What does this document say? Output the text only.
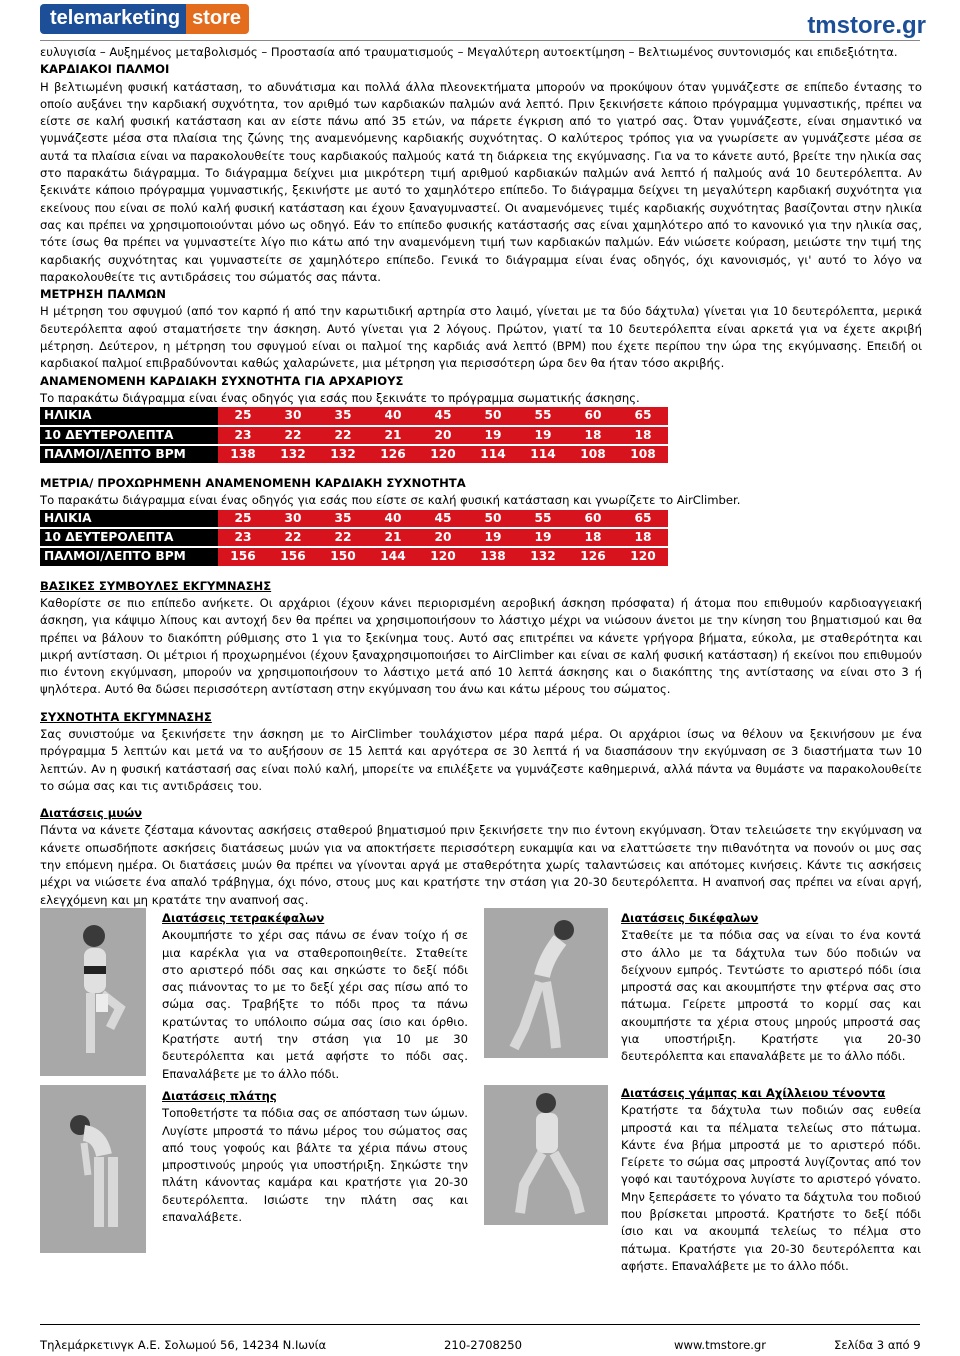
telemarketing store	tmstore.gr

ευλυγισία – Αυξημένος μεταβολισμός – Προστασία από τραυματισμούς – Μεγαλύτερη αυτοεκτίμηση – Βελτιωμένος συντονισμός και επιδεξιότητα.

ΚΑΡΔΙΑΚΟΙ ΠΑΛΜΟΙ

Η βελτιωμένη φυσική κατάσταση, το αδυνάτισμα και πολλά άλλα πλεονεκτήματα μπορούν να προκύψουν όταν γυμνάζεστε σε επίπεδο έντασης το οποίο αυξάνει την καρδιακή συχνότητα, τον αριθμό των καρδιακών παλμών ανά λεπτό. Πριν ξεκινήσετε κάποιο πρόγραμμα γυμναστικής, πρέπει να είστε σε καλή φυσική κατάσταση και αν είστε πάνω από 35 ετών, να πάρετε έγκριση από το γιατρό σας. Όταν γυμνάζεστε, είναι σημαντικό να γυμνάζεστε μέσα στα πλαίσια της ζώνης της αναμενόμενης καρδιακής συχνότητας. Ο καλύτερος τρόπος για να γνωρίσετε αν γυμνάζεστε μέσα σε αυτά τα πλαίσια είναι να παρακολουθείτε τους καρδιακούς παλμούς κατά τη διάρκεια της εκγύμνασης. Για να το κάνετε αυτό, βρείτε την ηλικία σας στο παρακάτω διάγραμμα. Το διάγραμμα δείχνει μια μικρότερη τιμή αριθμού καρδιακών παλμών ανά λεπτό ή παλμούς ανά 10 δευτερόλεπτα. Αν ξεκινάτε κάποιο πρόγραμμα γυμναστικής, ξεκινήστε με αυτό το χαμηλότερο επίπεδο. Το διάγραμμα δείχνει τη μεγαλύτερη καρδιακή συχνότητα για εκείνους που είναι σε πολύ καλή φυσική κατάσταση και έχουν ξαναγυμναστεί. Οι αναμενόμενες τιμές καρδιακής συχνότητας βασίζονται στην ηλικία σας και πρέπει να χρησιμοποιούνται μόνο ως οδηγό. Εάν το επίπεδο φυσικής κατάστασής σας είναι χαμηλότερο από το κανονικό για την ηλικία σας, τότε ίσως θα πρέπει να γυμναστείτε λίγο πιο κάτω από την αναμενόμενη τιμή των καρδιακών παλμών. Εάν νιώσετε κούραση, μειώστε την τιμή της καρδιακής συχνότητας και γυμναστείτε σε χαμηλότερο επίπεδο. Γενικά το διάγραμμα είναι ένας οδηγός, όχι κανονισμός, γι' αυτό το λόγο να παρακολουθείτε τις αντιδράσεις του σώματός σας πάντα.

ΜΕΤΡΗΣΗ ΠΑΛΜΩΝ

Η μέτρηση του σφυγμού (από τον καρπό ή από την καρωτιδική αρτηρία στο λαιμό, γίνεται με τα δύο δάχτυλα) γίνεται για 10 δευτερόλεπτα, μερικά δευτερόλεπτα αφού σταματήσετε την άσκηση. Αυτό γίνεται για 2 λόγους. Πρώτον, γιατί τα 10 δευτερόλεπτα είναι αρκετά για να έχετε ακριβή μέτρηση. Δεύτερον, η μέτρηση του σφυγμού είναι οι παλμοί της καρδιάς ανά λεπτό (BPM) που έχετε περίπου την ώρα της εκγύμνασης. Επειδή οι καρδιακοί παλμοί επιβραδύνονται καθώς χαλαρώνετε, μια μέτρηση για περισσότερη ώρα δεν θα ήταν τόσο ακριβής.

ΑΝΑΜΕΝΟΜΕΝΗ ΚΑΡΔΙΑΚΗ ΣΥΧΝΟΤΗΤΑ ΓΙΑ ΑΡΧΑΡΙΟΥΣ

Το παρακάτω διάγραμμα είναι ένας οδηγός για εσάς που ξεκινάτε το πρόγραμμα σωματικής άσκησης.

ΗΛΙΚΙΑ	25	30	35	40	45	50	55	60	65
10 ΔΕΥΤΕΡΟΛΕΠΤΑ	23	22	22	21	20	19	19	18	18
ΠΑΛΜΟΙ/ΛΕΠΤΟ BPM	138	132	132	126	120	114	114	108	108

ΜΕΤΡΙΑ/ ΠΡΟΧΩΡΗΜΕΝΗ ΑΝΑΜΕΝΟΜΕΝΗ ΚΑΡΔΙΑΚΗ ΣΥΧΝΟΤΗΤΑ

Το παρακάτω διάγραμμα είναι ένας οδηγός για εσάς που είστε σε καλή φυσική κατάσταση και γνωρίζετε το AirClimber.

ΗΛΙΚΙΑ	25	30	35	40	45	50	55	60	65
10 ΔΕΥΤΕΡΟΛΕΠΤΑ	23	22	22	21	20	19	19	18	18
ΠΑΛΜΟΙ/ΛΕΠΤΟ BPM	156	156	150	144	120	138	132	126	120

ΒΑΣΙΚΕΣ ΣΥΜΒΟΥΛΕΣ ΕΚΓΥΜΝΑΣΗΣ

Καθορίστε σε πιο επίπεδο ανήκετε. Οι αρχάριοι (έχουν κάνει περιορισμένη αεροβική άσκηση πρόσφατα) ή άτομα που επιθυμούν καρδιοαγγειακή άσκηση, για κάψιμο λίπους και αντοχή δεν θα πρέπει να χρησιμοποιήσουν το λάστιχο μέχρι να νιώσουν άνετοι με την κίνηση του βηματισμού και θα πρέπει να βάλουν το διακόπτη ρύθμισης στο 1 για το ξεκίνημα τους. Αυτό σας επιτρέπει να κάνετε γρήγορα βήματα, εύκολα, με σταθερότητα και μικρή αντίσταση. Οι μέτριοι ή προχωρημένοι (έχουν ξαναχρησιμοποιήσει το AirClimber και είναι σε καλή φυσική κατάσταση) ή εκείνοι που επιθυμούν πιο έντονη εκγύμναση, μπορούν να χρησιμοποιήσουν το λάστιχο μετά από 10 λεπτά άσκησης και ο διακόπτης της αντίστασης να είναι στο 3 ή ψηλότερα. Αυτό θα δώσει περισσότερη αντίσταση στην εκγύμναση του άνω και κάτω μέρους του σώματος.

ΣΥΧΝΟΤΗΤΑ ΕΚΓΥΜΝΑΣΗΣ

Σας συνιστούμε να ξεκινήσετε την άσκηση με το AirClimber τουλάχιστον μέρα παρά μέρα. Οι αρχάριοι ίσως να θέλουν να ξεκινήσουν με ένα πρόγραμμα 5 λεπτών και μετά να το αυξήσουν σε 15 λεπτά και αργότερα σε 30 λεπτά ή να διασπάσουν την εκγύμναση σε 3 διαστήματα των 10 λεπτών. Αν η φυσική κατάστασή σας είναι πολύ καλή, μπορείτε να επιλέξετε να γυμνάζεστε καθημερινά, αλλά πάντα να θυμάστε να παρακολουθείτε το σώμα σας και τις αντιδράσεις του.

Διατάσεις μυών

Πάντα να κάνετε ζέσταμα κάνοντας ασκήσεις σταθερού βηματισμού πριν ξεκινήσετε την πιο έντονη εκγύμναση. Όταν τελειώσετε την εκγύμναση να κάνετε οπωσδήποτε ασκήσεις διατάσεως μυών για να αποκτήσετε περισσότερη ευκαμψία και να ελαττώσετε την πιθανότητα να πονούν οι μυς σας την επόμενη ημέρα. Οι διατάσεις μυών θα πρέπει να γίνονται αργά με σταθερότητα χωρίς ταλαντώσεις και απότομες κινήσεις. Κάντε τις ασκήσεις μέχρι να νιώσετε ένα απαλό τράβηγμα, όχι πόνο, στους μυς και κρατήστε την στάση για 20-30 δευτερόλεπτα. Η αναπνοή σας πρέπει να είναι αργή, ελεγχόμενη και μη κρατάτε την αναπνοή σας.

Διατάσεις τετρακέφαλων

Ακουμπήστε το χέρι σας πάνω σε έναν τοίχο ή σε μια καρέκλα για να σταθεροποιηθείτε. Σταθείτε στο αριστερό πόδι σας και σηκώστε το δεξί πόδι σας πιάνοντας το με το δεξί χέρι σας πίσω από το σώμα σας. Τραβήξτε το πόδι προς τα πάνω κρατώντας το υπόλοιπο σώμα σας ίσιο και όρθιο. Κρατήστε αυτή την στάση για 10 με 30 δευτερόλεπτα και μετά αφήστε το πόδι σας. Επαναλάβετε με το άλλο πόδι.

Διατάσεις πλάτης

Τοποθετήστε τα πόδια σας σε απόσταση των ώμων. Λυγίστε μπροστά το πάνω μέρος του σώματος σας από τους γοφούς και βάλτε τα χέρια πάνω στους μπροστινούς μηρούς για υποστήριξη. Σηκώστε την πλάτη κάνοντας καμάρα και κρατήστε για 20-30 δευτερόλεπτα. Ισιώστε την πλάτη σας και επαναλάβετε.

Διατάσεις δικέφαλων

Σταθείτε με τα πόδια σας να είναι το ένα κοντά στο άλλο με τα δάχτυλα των δύο ποδιών να δείχνουν εμπρός. Τεντώστε το αριστερό πόδι ίσια μπροστά σας και ακουμπήστε την φτέρνα σας στο πάτωμα. Γείρετε μπροστά το κορμί σας και ακουμπήστε τα χέρια στους μηρούς μπροστά σας για υποστήριξη. Κρατήστε για 20-30 δευτερόλεπτα και επαναλάβετε με το άλλο πόδι.

Διατάσεις γάμπας και Αχίλλειου τένοντα

Κρατήστε τα δάχτυλα των ποδιών σας ευθεία μπροστά και τα πέλματα τελείως στο πάτωμα. Κάντε ένα βήμα μπροστά με το αριστερό πόδι. Γείρετε το σώμα σας μπροστά λυγίζοντας από τον γοφό και ταυτόχρονα λυγίστε το αριστερό γόνατο. Μην ξεπεράσετε το γόνατο τα δάχτυλα του ποδιού που βρίσκεται μπροστά. Κρατήστε το δεξί πόδι ίσιο και να ακουμπά τελείως το πέλμα στο πάτωμα. Κρατήστε για 20-30 δευτερόλεπτα και αφήστε. Επαναλάβετε με το άλλο πόδι.

Τηλεμάρκετινγκ Α.Ε. Σολωμού 56, 14234 Ν.Ιωνία	210-2708250	www.tmstore.gr	Σελίδα 3 από 9
